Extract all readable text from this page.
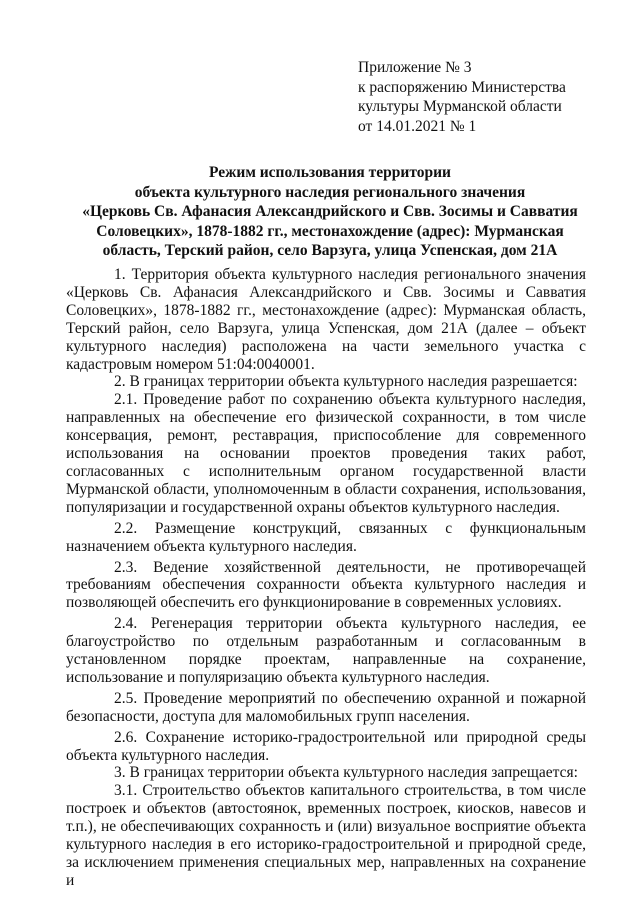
Приложение № 3
к распоряжению Министерства
культуры Мурманской области
от 14.01.2021 № 1
Режим использования территории
объекта культурного наследия регионального значения
«Церковь Св. Афанасия Александрийского и Свв. Зосимы и Савватия
Соловецких», 1878-1882 гг., местонахождение (адрес): Мурманская
область, Терский район, село Варзуга, улица Успенская, дом 21А

1. Территория объекта культурного наследия регионального значения «Церковь Св. Афанасия Александрийского и Свв. Зосимы и Савватия Соловецких», 1878-1882 гг., местонахождение (адрес): Мурманская область, Терский район, село Варзуга, улица Успенская, дом 21А (далее – объект культурного наследия) расположена на части земельного участка с кадастровым номером 51:04:0040001.

2. В границах территории объекта культурного наследия разрешается:

2.1. Проведение работ по сохранению объекта культурного наследия, направленных на обеспечение его физической сохранности, в том числе консервация, ремонт, реставрация, приспособление для современного использования на основании проектов проведения таких работ, согласованных с исполнительным органом государственной власти Мурманской области, уполномоченным в области сохранения, использования, популяризации и государственной охраны объектов культурного наследия.

2.2. Размещение конструкций, связанных с функциональным назначением объекта культурного наследия.

2.3. Ведение хозяйственной деятельности, не противоречащей требованиям обеспечения сохранности объекта культурного наследия и позволяющей обеспечить его функционирование в современных условиях.

2.4. Регенерация территории объекта культурного наследия, ее благоустройство по отдельным разработанным и согласованным в установленном порядке проектам, направленные на сохранение, использование и популяризацию объекта культурного наследия.

2.5. Проведение мероприятий по обеспечению охранной и пожарной безопасности, доступа для маломобильных групп населения.

2.6. Сохранение историко-градостроительной или природной среды объекта культурного наследия.

3. В границах территории объекта культурного наследия запрещается:

3.1. Строительство объектов капитального строительства, в том числе построек и объектов (автостоянок, временных построек, киосков, навесов и т.п.), не обеспечивающих сохранность и (или) визуальное восприятие объекта культурного наследия в его историко-градостроительной и природной среде, за исключением применения специальных мер, направленных на сохранение и
